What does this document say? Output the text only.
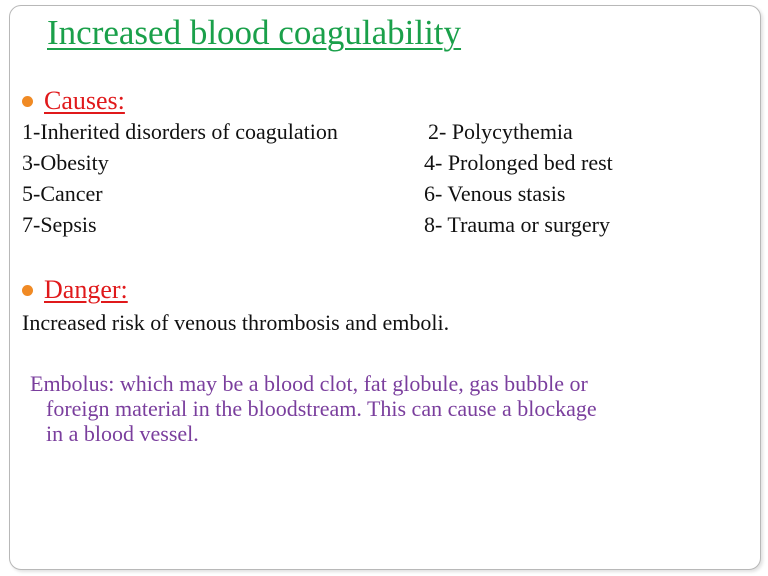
Increased blood coagulability
Causes:
1-Inherited disorders of coagulation	2- Polycythemia
3-Obesity	4- Prolonged bed rest
5-Cancer	6- Venous stasis
7-Sepsis	8- Trauma or surgery
Danger:
Increased risk of venous thrombosis and emboli.
Embolus: which may be a blood clot, fat globule, gas bubble or
foreign material in the bloodstream. This can cause a blockage
in a blood vessel.
